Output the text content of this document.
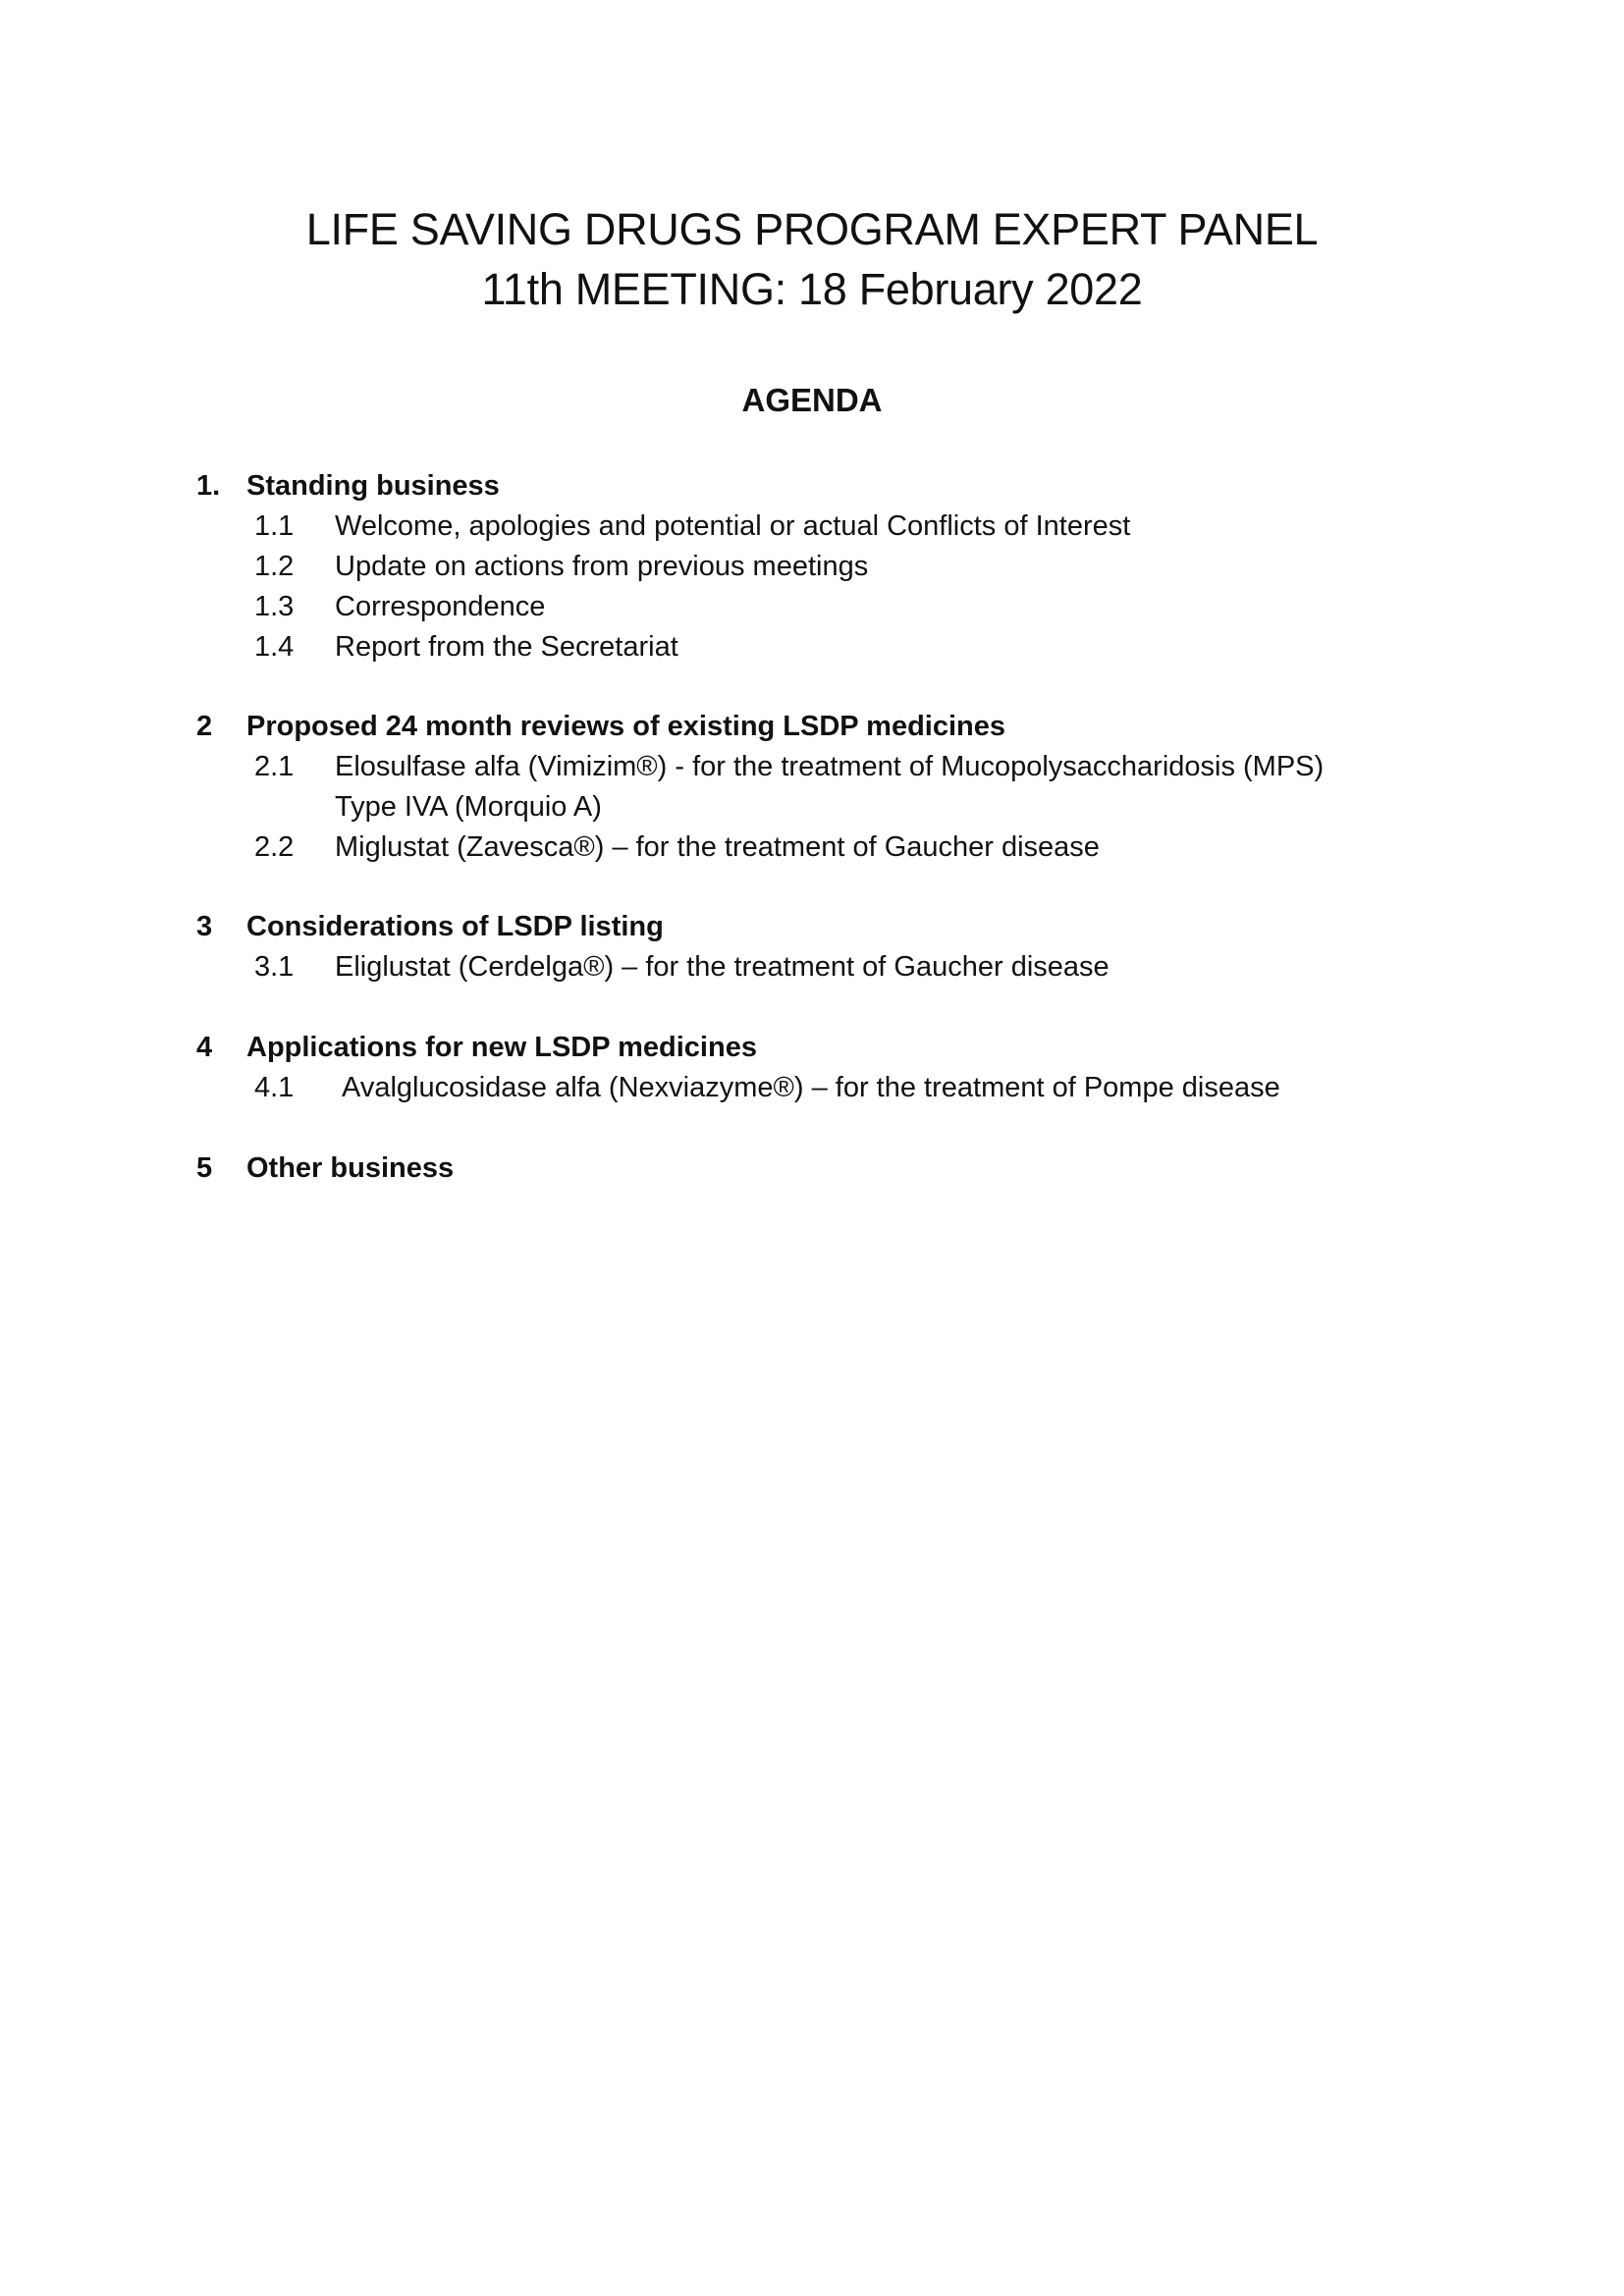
LIFE SAVING DRUGS PROGRAM EXPERT PANEL
11th MEETING: 18 February 2022
AGENDA
1. Standing business
1.1 Welcome, apologies and potential or actual Conflicts of Interest
1.2 Update on actions from previous meetings
1.3 Correspondence
1.4 Report from the Secretariat
2 Proposed 24 month reviews of existing LSDP medicines
2.1 Elosulfase alfa (Vimizim®) - for the treatment of Mucopolysaccharidosis (MPS)
Type IVA (Morquio A)
2.2 Miglustat (Zavesca®) – for the treatment of Gaucher disease
3 Considerations of LSDP listing
3.1 Eliglustat (Cerdelga®) – for the treatment of Gaucher disease
4 Applications for new LSDP medicines
4.1 Avalglucosidase alfa (Nexviazyme®) – for the treatment of Pompe disease
5 Other business
